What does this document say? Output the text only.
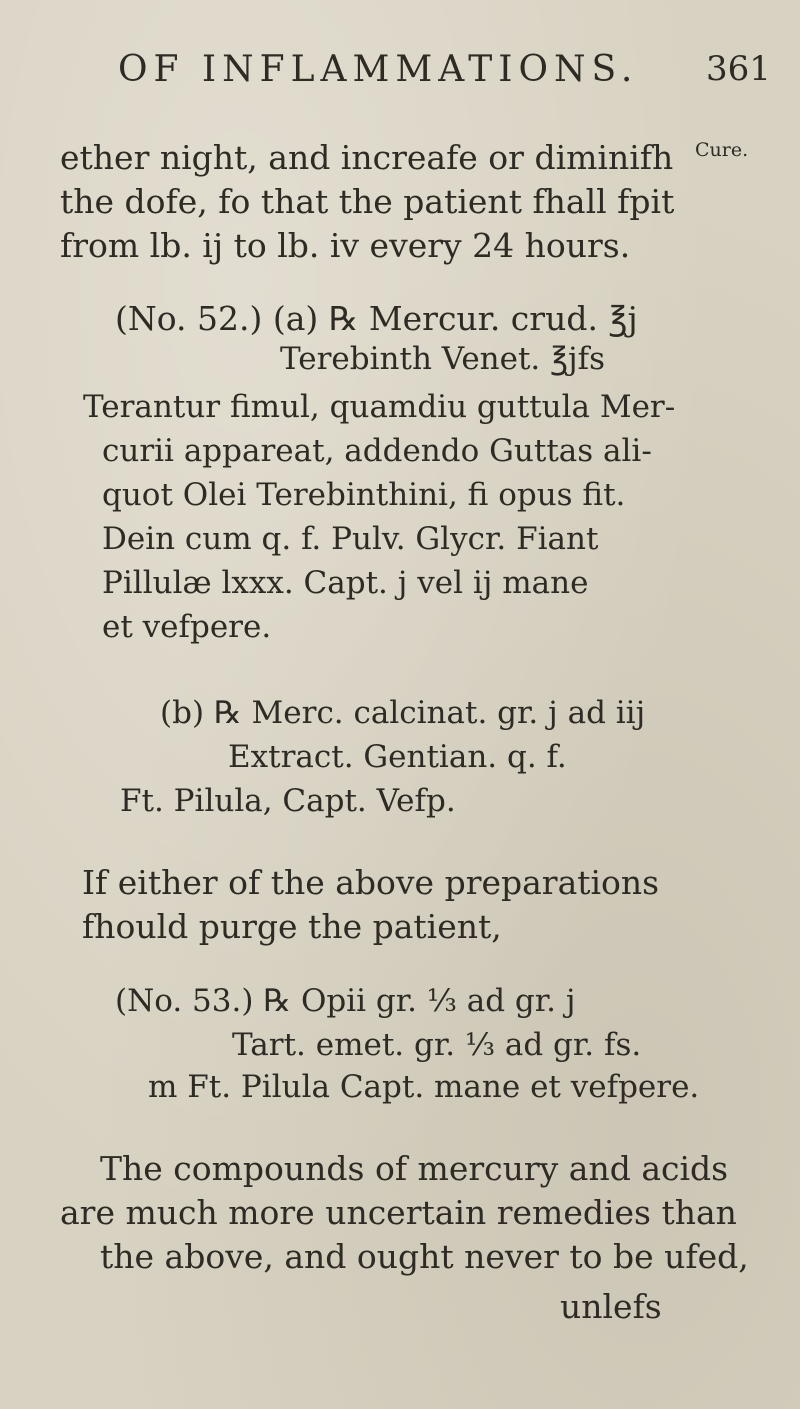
OF INFLAMMATIONS. 361
Cure.
ether night, and increafe or diminifh
the dofe, fo that the patient fhall fpit
from lb. ij to lb. iv every 24 hours.
(No. 52.) (a) ℞ Mercur. crud. ℥j
Terebinth Venet. ℥jfs
Terantur fimul, quamdiu guttula Mer-
curii appareat, addendo Guttas ali-
quot Olei Terebinthini, fi opus fit.
Dein cum q. f. Pulv. Glycr. Fiant
Pillulæ lxxx. Capt. j vel ij mane
et vefpere.
(b) ℞ Merc. calcinat. gr. j ad iij
Extract. Gentian. q. f.
Ft. Pilula, Capt. Vefp.
If either of the above preparations
fhould purge the patient,
(No. 53.) ℞ Opii gr. ⅓ ad gr. j
Tart. emet. gr. ⅓ ad gr. fs.
m Ft. Pilula Capt. mane et vefpere.
The compounds of mercury and acids
are much more uncertain remedies than
the above, and ought never to be ufed,
unlefs
